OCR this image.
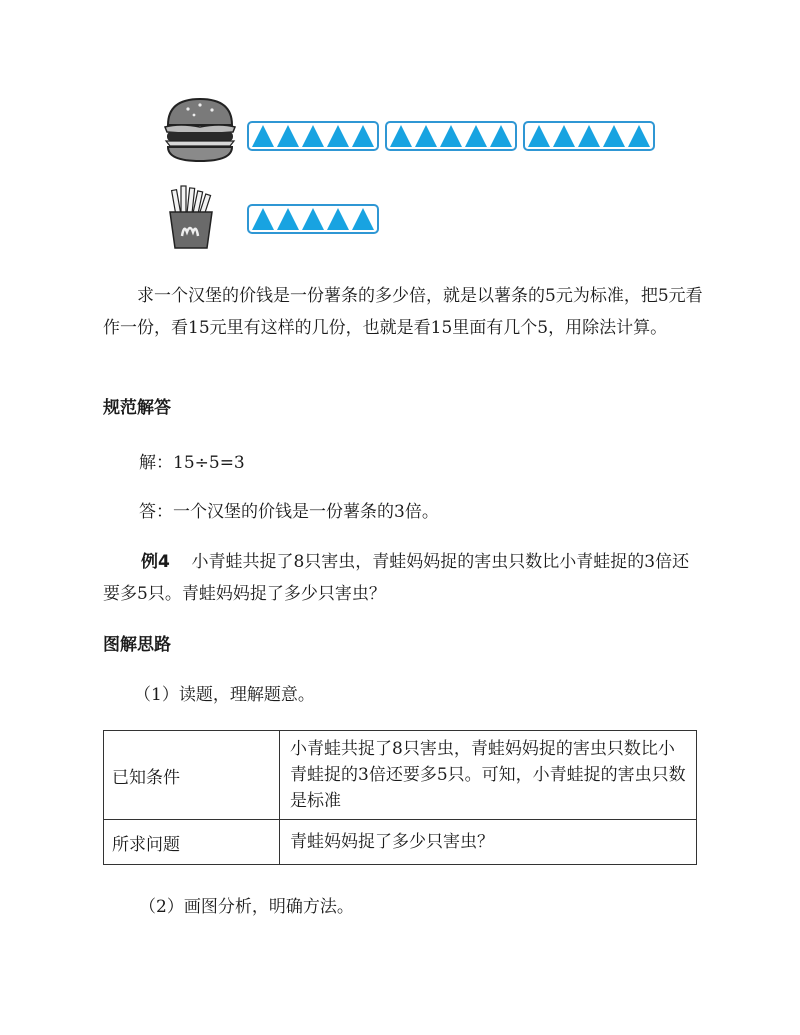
求一个汉堡的价钱是一份薯条的多少倍，就是以薯条的5元为标准，把5元看作一份，看15元里有这样的几份，也就是看15里面有几个5，用除法计算。
规范解答
解：15÷5=3
答：一个汉堡的价钱是一份薯条的3倍。
例4 小青蛙共捉了8只害虫，青蛙妈妈捉的害虫只数比小青蛙捉的3倍还要多5只。青蛙妈妈捉了多少只害虫？
图解思路
（1）读题，理解题意。
已知条件	小青蛙共捉了8只害虫，青蛙妈妈捉的害虫只数比小青蛙捉的3倍还要多5只。可知，小青蛙捉的害虫只数是标准
所求问题	青蛙妈妈捉了多少只害虫？
（2）画图分析，明确方法。
